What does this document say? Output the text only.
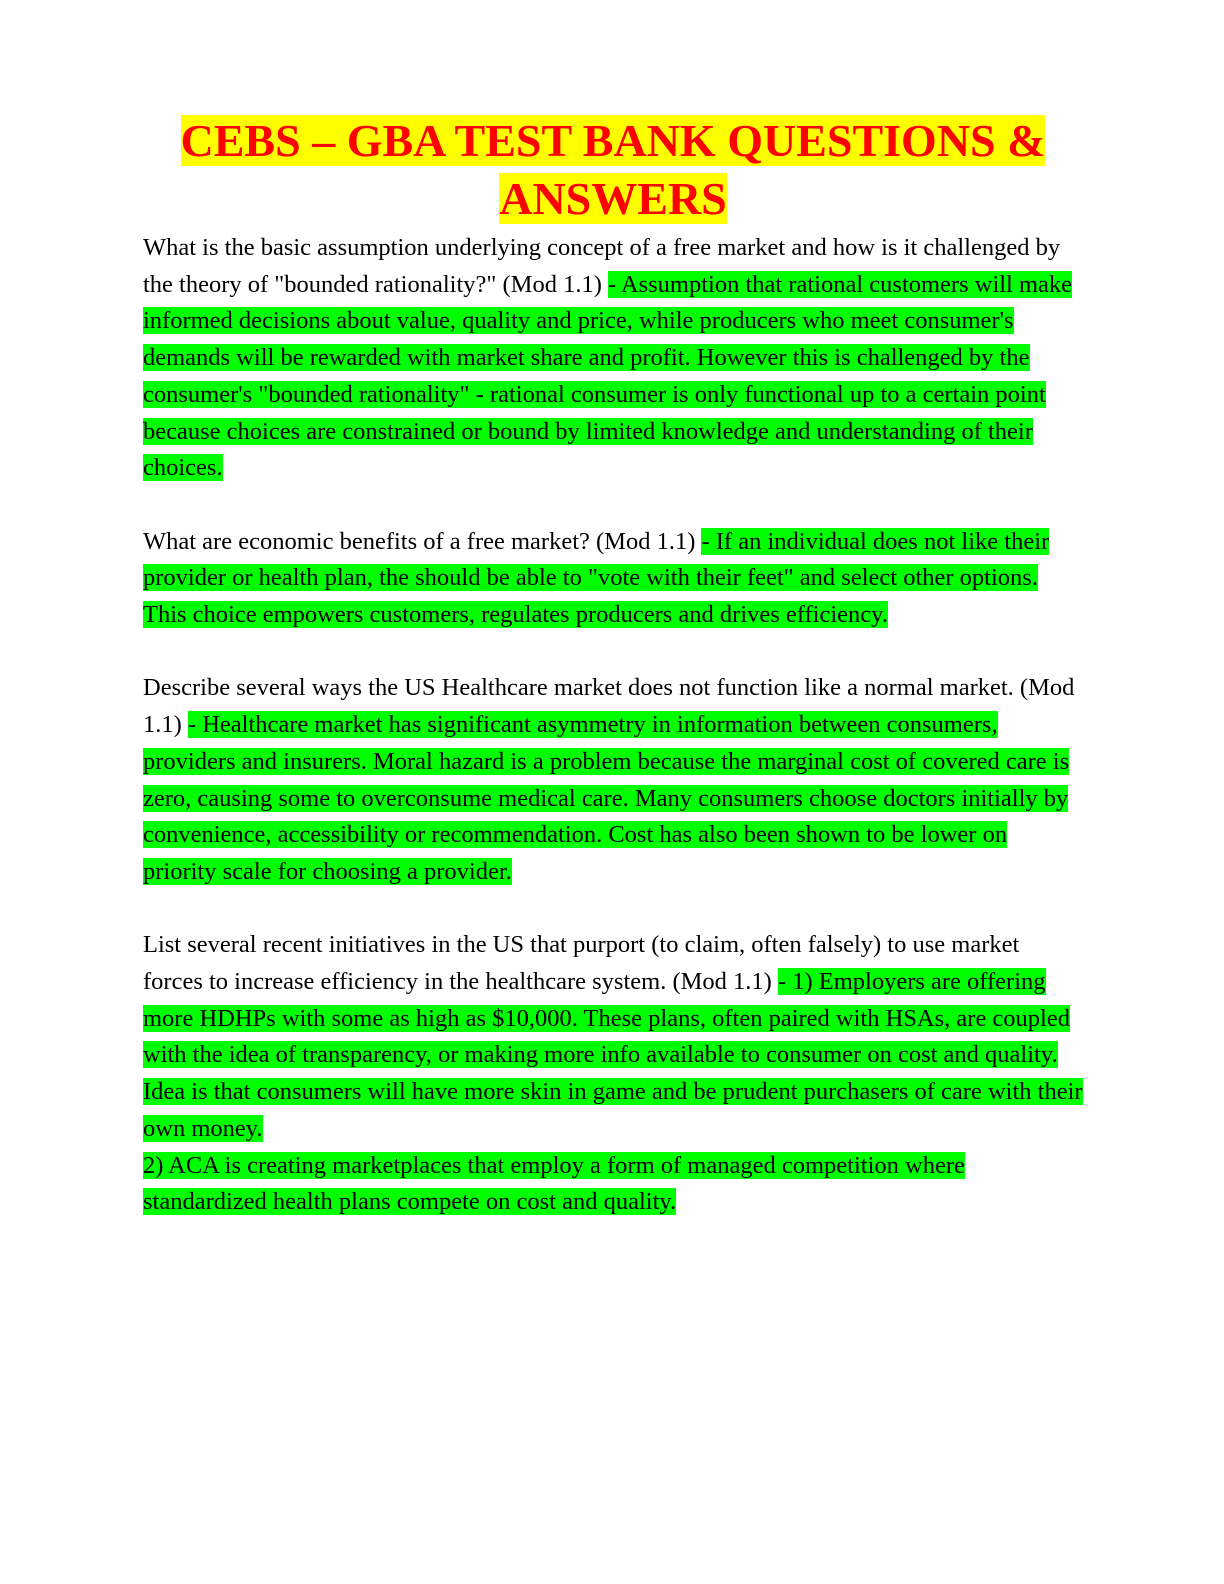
CEBS – GBA TEST BANK QUESTIONS &
ANSWERS

What is the basic assumption underlying concept of a free market and how is it challenged by the theory of "bounded rationality?" (Mod 1.1) - Assumption that rational customers will make informed decisions about value, quality and price, while producers who meet consumer's demands will be rewarded with market share and profit. However this is challenged by the consumer's "bounded rationality" - rational consumer is only functional up to a certain point because choices are constrained or bound by limited knowledge and understanding of their choices.

What are economic benefits of a free market? (Mod 1.1) - If an individual does not like their provider or health plan, the should be able to "vote with their feet" and select other options. This choice empowers customers, regulates producers and drives efficiency.

Describe several ways the US Healthcare market does not function like a normal market. (Mod 1.1) - Healthcare market has significant asymmetry in information between consumers, providers and insurers. Moral hazard is a problem because the marginal cost of covered care is zero, causing some to overconsume medical care. Many consumers choose doctors initially by convenience, accessibility or recommendation. Cost has also been shown to be lower on priority scale for choosing a provider.

List several recent initiatives in the US that purport (to claim, often falsely) to use market forces to increase efficiency in the healthcare system. (Mod 1.1) - 1) Employers are offering more HDHPs with some as high as $10,000. These plans, often paired with HSAs, are coupled with the idea of transparency, or making more info available to consumer on cost and quality. Idea is that consumers will have more skin in game and be prudent purchasers of care with their own money.
2) ACA is creating marketplaces that employ a form of managed competition where standardized health plans compete on cost and quality.
